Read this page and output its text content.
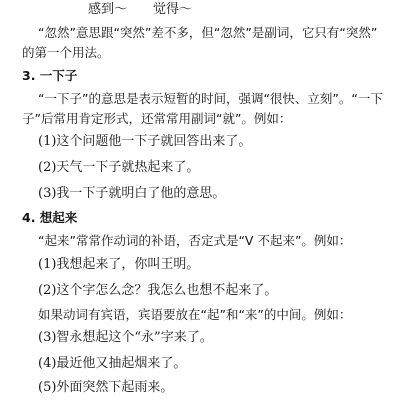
感到～　　觉得～
“忽然”意思跟“突然”差不多，但“忽然”是副词，它只有“突然”
的第一个用法。
3. 一下子
“一下子”的意思是表示短暂的时间，强调“很快、立刻”。“一下
子”后常用肯定形式，还常常用副词“就”。例如：
(1)这个问题他一下子就回答出来了。
(2)天气一下子就热起来了。
(3)我一下子就明白了他的意思。
4. 想起来
“起来”常常作动词的补语，否定式是“V 不起来”。例如：
(1)我想起来了，你叫王明。
(2)这个字怎么念？我怎么也想不起来了。
如果动词有宾语，宾语要放在“起”和“来”的中间。例如：
(3)智永想起这个“永”字来了。
(4)最近他又抽起烟来了。
(5)外面突然下起雨来。
